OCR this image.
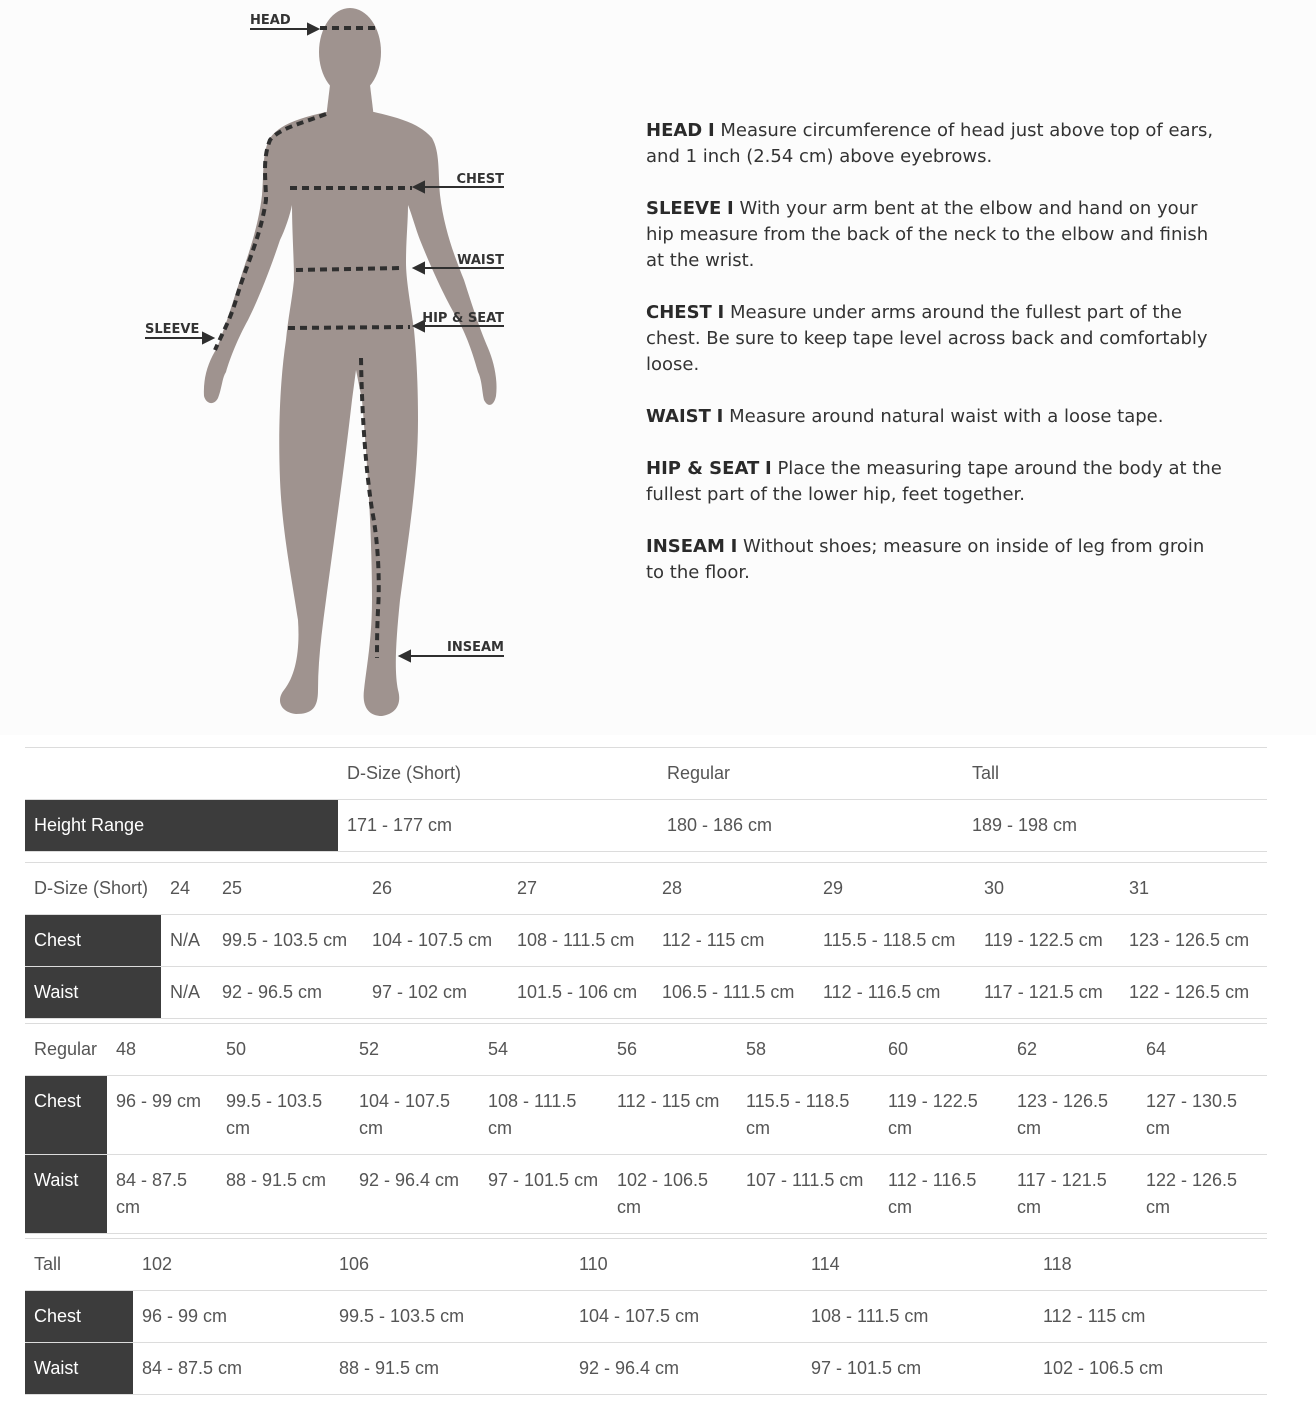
HEAD
CHEST
WAIST
HIP & SEAT
SLEEVE
INSEAM

HEAD I Measure circumference of head just above top of ears, and 1 inch (2.54 cm) above eyebrows.

SLEEVE I With your arm bent at the elbow and hand on your hip measure from the back of the neck to the elbow and finish at the wrist.

CHEST I Measure under arms around the fullest part of the chest. Be sure to keep tape level across back and comfortably loose.

WAIST I Measure around natural waist with a loose tape.

HIP & SEAT I Place the measuring tape around the body at the fullest part of the lower hip, feet together.

INSEAM I Without shoes; measure on inside of leg from groin to the floor.

	D-Size (Short)	Regular	Tall
Height Range	171 - 177 cm	180 - 186 cm	189 - 198 cm
D-Size (Short)	24	25	26	27	28	29	30	31
Chest	N/A	99.5 - 103.5 cm	104 - 107.5 cm	108 - 111.5 cm	112 - 115 cm	115.5 - 118.5 cm	119 - 122.5 cm	123 - 126.5 cm
Waist	N/A	92 - 96.5 cm	97 - 102 cm	101.5 - 106 cm	106.5 - 111.5 cm	112 - 116.5 cm	117 - 121.5 cm	122 - 126.5 cm
Regular	48	50	52	54	56	58	60	62	64
Chest	96 - 99 cm	99.5 - 103.5 cm	104 - 107.5 cm	108 - 111.5 cm	112 - 115 cm	115.5 - 118.5 cm	119 - 122.5 cm	123 - 126.5 cm	127 - 130.5 cm
Waist	84 - 87.5 cm	88 - 91.5 cm	92 - 96.4 cm	97 - 101.5 cm	102 - 106.5 cm	107 - 111.5 cm	112 - 116.5 cm	117 - 121.5 cm	122 - 126.5 cm
Tall	102	106	110	114	118
Chest	96 - 99 cm	99.5 - 103.5 cm	104 - 107.5 cm	108 - 111.5 cm	112 - 115 cm
Waist	84 - 87.5 cm	88 - 91.5 cm	92 - 96.4 cm	97 - 101.5 cm	102 - 106.5 cm
